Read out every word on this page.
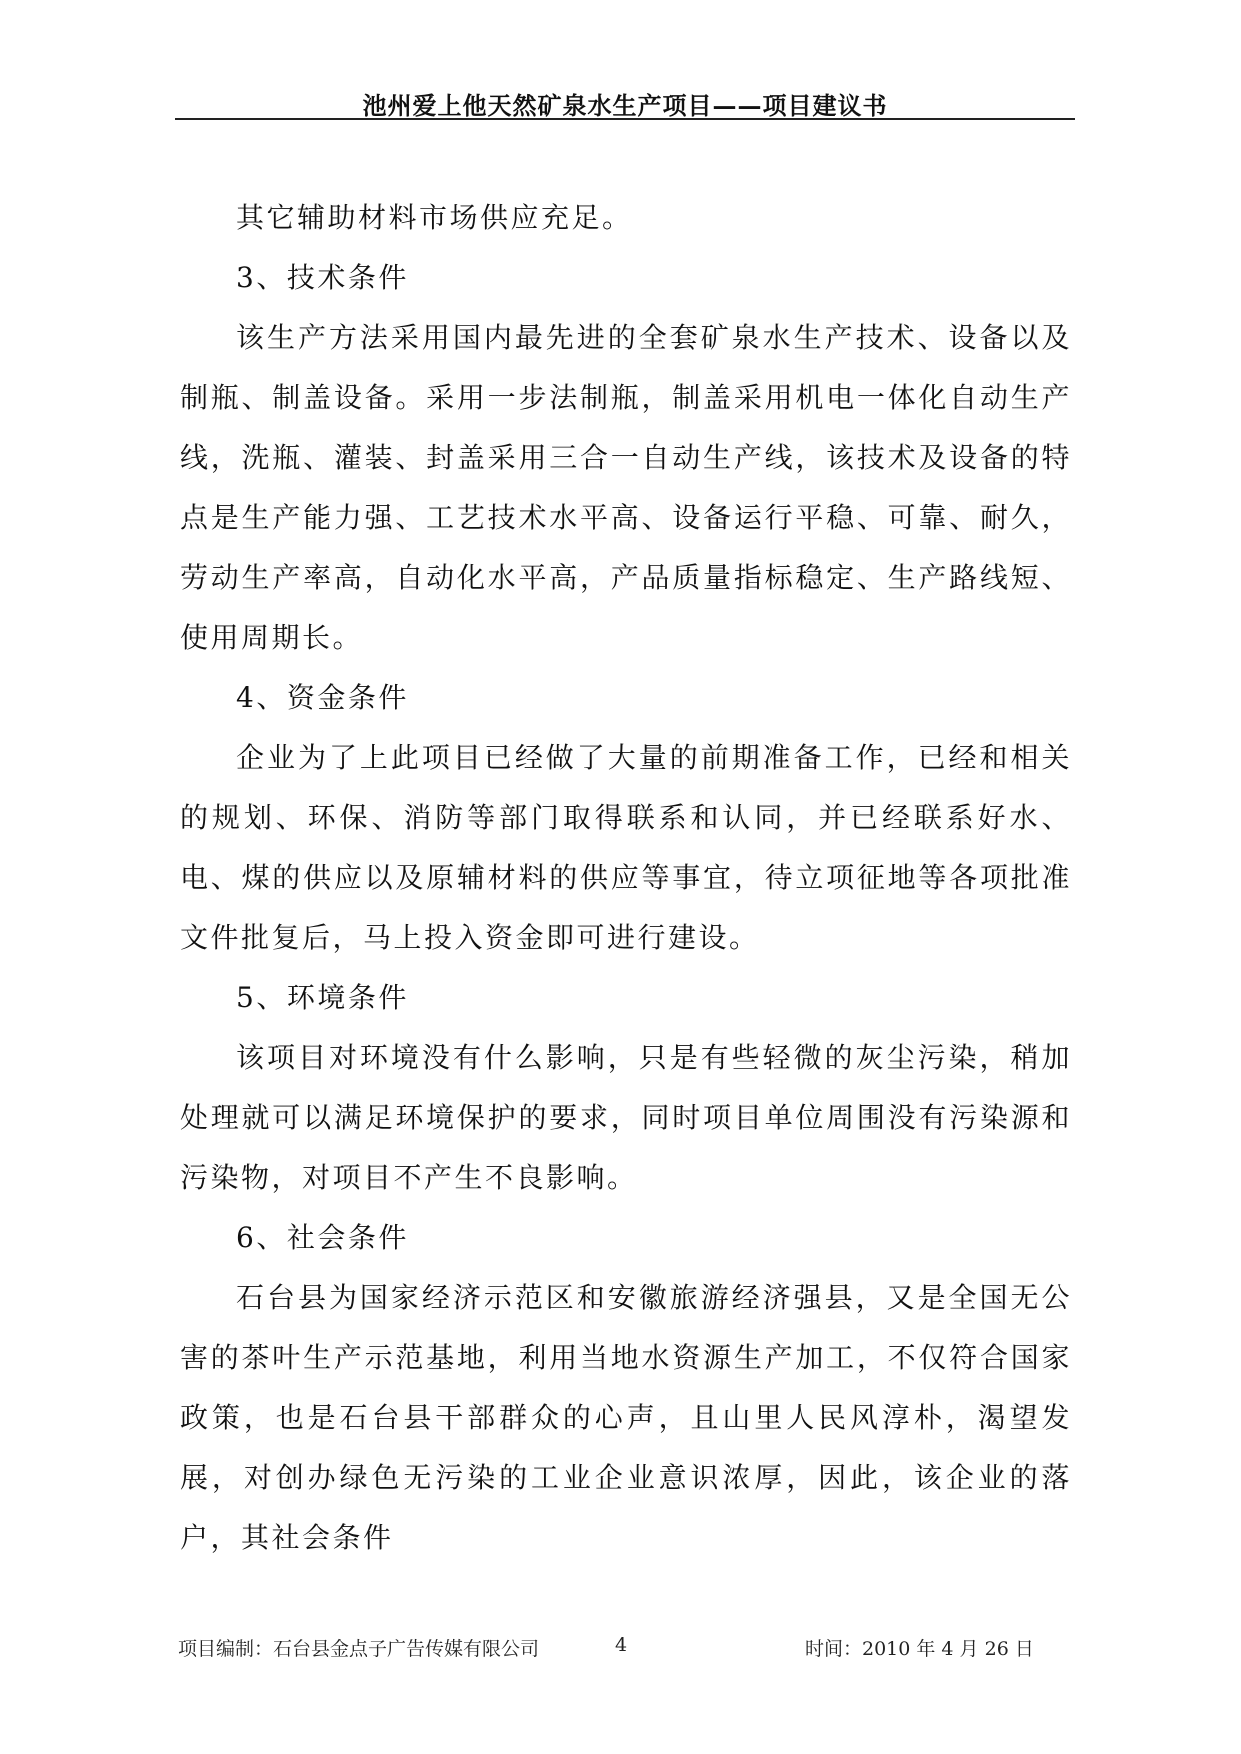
池州爱上他天然矿泉水生产项目——项目建议书

其它辅助材料市场供应充足。

3、技术条件

该生产方法采用国内最先进的全套矿泉水生产技术、设备以及制瓶、制盖设备。采用一步法制瓶，制盖采用机电一体化自动生产线，洗瓶、灌装、封盖采用三合一自动生产线，该技术及设备的特点是生产能力强、工艺技术水平高、设备运行平稳、可靠、耐久，劳动生产率高，自动化水平高，产品质量指标稳定、生产路线短、使用周期长。

4、资金条件

企业为了上此项目已经做了大量的前期准备工作，已经和相关的规划、环保、消防等部门取得联系和认同，并已经联系好水、电、煤的供应以及原辅材料的供应等事宜，待立项征地等各项批准文件批复后，马上投入资金即可进行建设。

5、环境条件

该项目对环境没有什么影响，只是有些轻微的灰尘污染，稍加处理就可以满足环境保护的要求，同时项目单位周围没有污染源和污染物，对项目不产生不良影响。

6、社会条件

石台县为国家经济示范区和安徽旅游经济强县，又是全国无公害的茶叶生产示范基地，利用当地水资源生产加工，不仅符合国家政策，也是石台县干部群众的心声，且山里人民风淳朴，渴望发展，对创办绿色无污染的工业企业意识浓厚，因此，该企业的落户，其社会条件

项目编制：石台县金点子广告传媒有限公司	4	时间：2010 年 4 月 26 日
